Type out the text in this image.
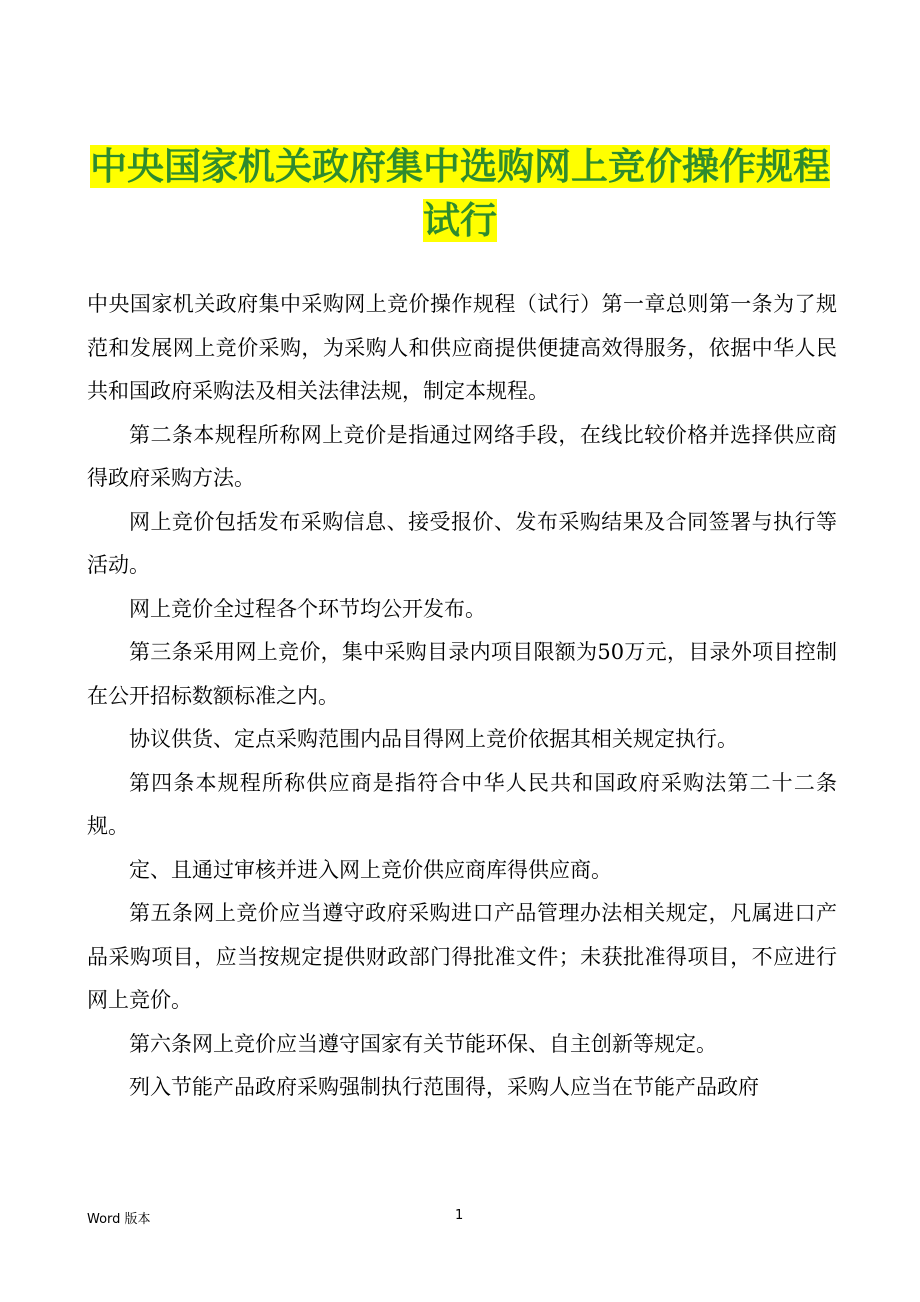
中央国家机关政府集中选购网上竞价操作规程
试行

中央国家机关政府集中采购网上竞价操作规程（试行）第一章总则第一条为了规范和发展网上竞价采购，为采购人和供应商提供便捷高效得服务，依据中华人民共和国政府采购法及相关法律法规，制定本规程。

第二条本规程所称网上竞价是指通过网络手段，在线比较价格并选择供应商得政府采购方法。

网上竞价包括发布采购信息、接受报价、发布采购结果及合同签署与执行等活动。

网上竞价全过程各个环节均公开发布。

第三条采用网上竞价，集中采购目录内项目限额为50万元，目录外项目控制在公开招标数额标准之内。

协议供货、定点采购范围内品目得网上竞价依据其相关规定执行。

第四条本规程所称供应商是指符合中华人民共和国政府采购法第二十二条规。

定、且通过审核并进入网上竞价供应商库得供应商。

第五条网上竞价应当遵守政府采购进口产品管理办法相关规定，凡属进口产品采购项目，应当按规定提供财政部门得批准文件；未获批准得项目，不应进行网上竞价。

第六条网上竞价应当遵守国家有关节能环保、自主创新等规定。

列入节能产品政府采购强制执行范围得，采购人应当在节能产品政府

Word 版本	1
